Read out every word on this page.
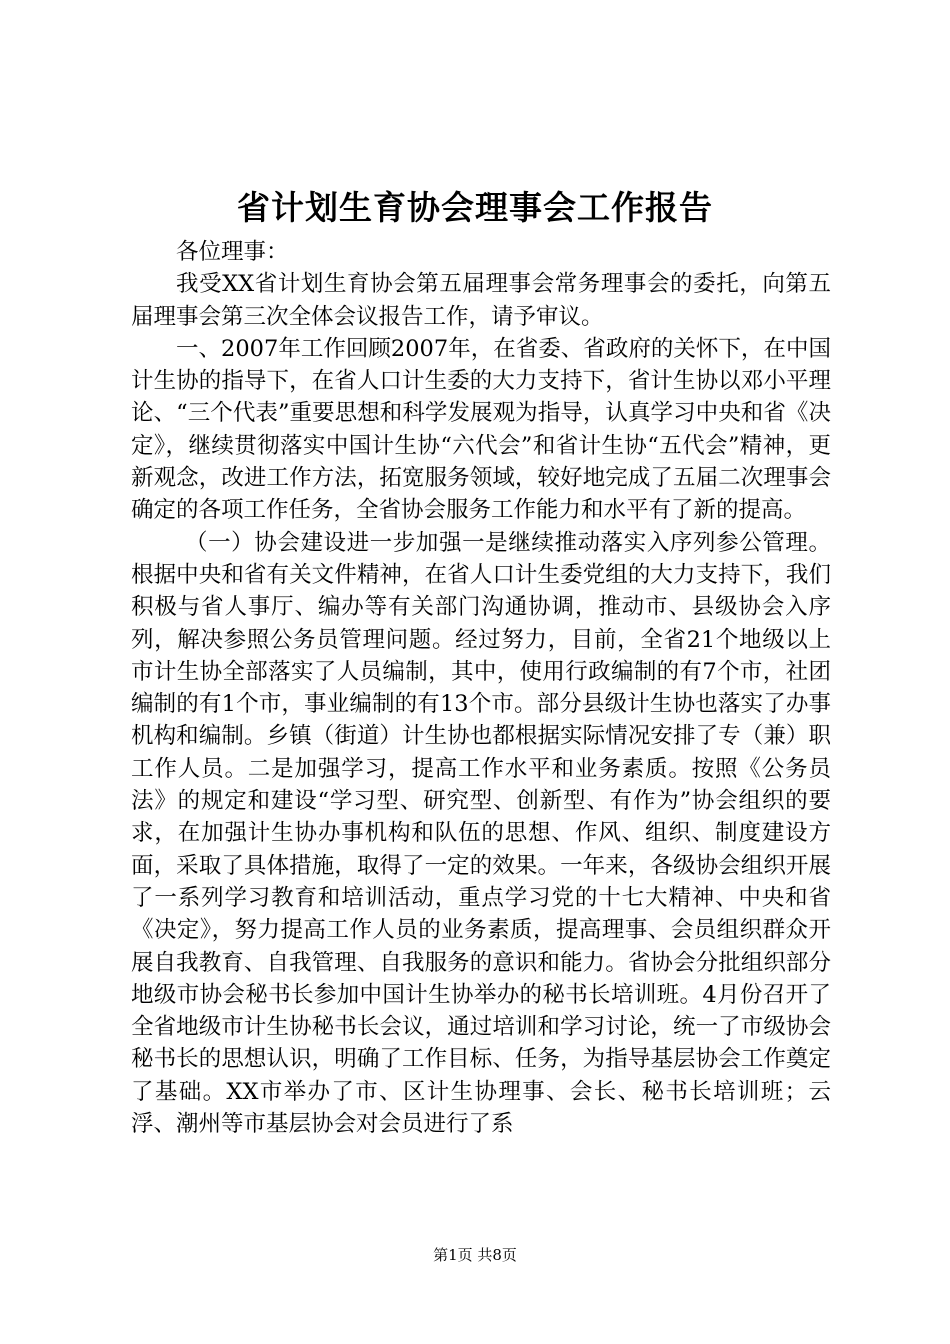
省计划生育协会理事会工作报告

各位理事：

我受XX省计划生育协会第五届理事会常务理事会的委托，向第五届理事会第三次全体会议报告工作，请予审议。

一、2007年工作回顾2007年，在省委、省政府的关怀下，在中国计生协的指导下，在省人口计生委的大力支持下，省计生协以邓小平理论、“三个代表”重要思想和科学发展观为指导，认真学习中央和省《决定》，继续贯彻落实中国计生协“六代会”和省计生协“五代会”精神，更新观念，改进工作方法，拓宽服务领域，较好地完成了五届二次理事会确定的各项工作任务，全省协会服务工作能力和水平有了新的提高。

（一）协会建设进一步加强一是继续推动落实入序列参公管理。根据中央和省有关文件精神，在省人口计生委党组的大力支持下，我们积极与省人事厅、编办等有关部门沟通协调，推动市、县级协会入序列，解决参照公务员管理问题。经过努力，目前，全省21个地级以上市计生协全部落实了人员编制，其中，使用行政编制的有7个市，社团编制的有1个市，事业编制的有13个市。部分县级计生协也落实了办事机构和编制。乡镇（街道）计生协也都根据实际情况安排了专（兼）职工作人员。二是加强学习，提高工作水平和业务素质。按照《公务员法》的规定和建设“学习型、研究型、创新型、有作为”协会组织的要求，在加强计生协办事机构和队伍的思想、作风、组织、制度建设方面，采取了具体措施，取得了一定的效果。一年来，各级协会组织开展了一系列学习教育和培训活动，重点学习党的十七大精神、中央和省《决定》，努力提高工作人员的业务素质，提高理事、会员组织群众开展自我教育、自我管理、自我服务的意识和能力。省协会分批组织部分地级市协会秘书长参加中国计生协举办的秘书长培训班。4月份召开了全省地级市计生协秘书长会议，通过培训和学习讨论，统一了市级协会秘书长的思想认识，明确了工作目标、任务，为指导基层协会工作奠定了基础。XX市举办了市、区计生协理事、会长、秘书长培训班；云浮、潮州等市基层协会对会员进行了系

第1页 共8页
